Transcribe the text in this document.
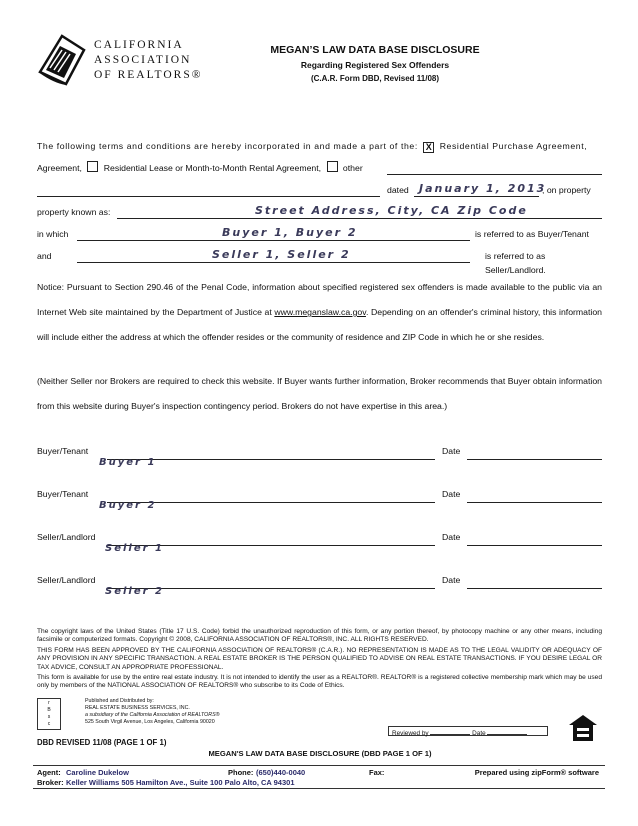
CALIFORNIA
ASSOCIATION
OF REALTORS®
MEGAN’S LAW DATA BASE DISCLOSURE
Regarding Registered Sex Offenders
(C.A.R. Form DBD, Revised 11/08)
The following terms and conditions are hereby incorporated in and made a part of the: X Residential Purchase Agreement,
Agreement,	Residential Lease or Month-to-Month Rental Agreement,	other
dated January 1, 2013
, on property
property known as:	Street Address, City, CA Zip Code
in which	Buyer 1, Buyer 2	is referred to as Buyer/Tenant
and	Seller 1, Seller 2	is referred to as Seller/Landlord.
Notice: Pursuant to Section 290.46 of the Penal Code, information about specified registered sex offenders is made available to the public via an Internet Web site maintained by the Department of Justice at www.meganslaw.ca.gov. Depending on an offender's criminal history, this information will include either the address at which the offender resides or the community of residence and ZIP Code in which he or she resides.
(Neither Seller nor Brokers are required to check this website. If Buyer wants further information, Broker recommends that Buyer obtain information from this website during Buyer's inspection contingency period. Brokers do not have expertise in this area.)
Buyer/Tenant	Date
Buyer 1
Buyer/Tenant	Date
Buyer 2
Seller/Landlord	Date
Seller 1
Seller/Landlord	Date
Seller 2
The copyright laws of the United States (Title 17 U.S. Code) forbid the unauthorized reproduction of this form, or any portion thereof, by photocopy machine or any other means, including facsimile or computerized formats. Copyright © 2008, CALIFORNIA ASSOCIATION OF REALTORS®, INC. ALL RIGHTS RESERVED.
THIS FORM HAS BEEN APPROVED BY THE CALIFORNIA ASSOCIATION OF REALTORS® (C.A.R.). NO REPRESENTATION IS MADE AS TO THE LEGAL VALIDITY OR ADEQUACY OF ANY PROVISION IN ANY SPECIFIC TRANSACTION. A REAL ESTATE BROKER IS THE PERSON QUALIFIED TO ADVISE ON REAL ESTATE TRANSACTIONS. IF YOU DESIRE LEGAL OR TAX ADVICE, CONSULT AN APPROPRIATE PROFESSIONAL.
This form is available for use by the entire real estate industry. It is not intended to identify the user as a REALTOR®. REALTOR® is a registered collective membership mark which may be used only by members of the NATIONAL ASSOCIATION OF REALTORS® who subscribe to its Code of Ethics.
r
B
s
c
Published and Distributed by:
REAL ESTATE BUSINESS SERVICES, INC.
a subsidiary of the California Association of REALTORS®
525 South Virgil Avenue, Los Angeles, California 90020
Reviewed by	Date
DBD REVISED 11/08 (PAGE 1 OF 1)
MEGAN'S LAW DATA BASE DISCLOSURE (DBD PAGE 1 OF 1)
Agent: Caroline Dukelow	Phone: (650)440-0040	Fax:	Prepared using zipForm® software
Broker: Keller Williams 505 Hamilton Ave., Suite 100 Palo Alto, CA 94301
